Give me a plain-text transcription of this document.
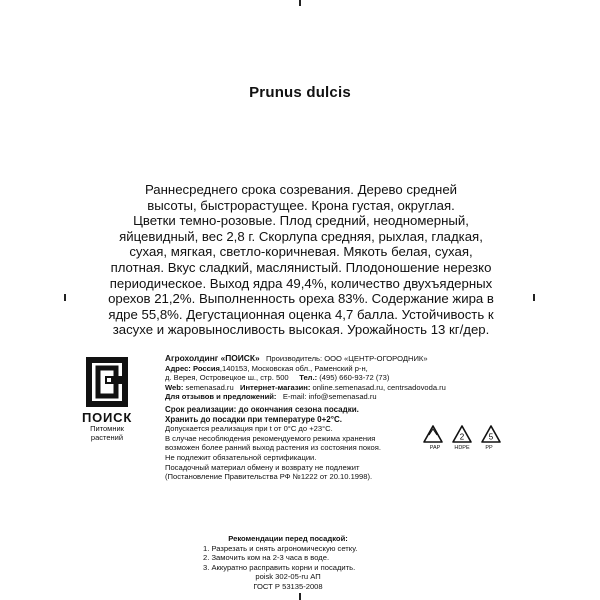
Prunus dulcis
Раннесреднего срока созревания. Дерево средней
высоты, быстрорастущее. Крона густая, округлая.
Цветки темно-розовые. Плод средний, неодномерный,
яйцевидный, вес 2,8 г. Скорлупа средняя, рыхлая, гладкая,
сухая, мягкая, светло-коричневая. Мякоть белая, сухая,
плотная. Вкус сладкий, маслянистый. Плодоношение нерезко
периодическое. Выход ядра 49,4%, количество двухъядерных
орехов 21,2%. Выполненность ореха 83%. Содержание жира в
ядре 55,8%. Дегустационная оценка 4,7 балла. Устойчивость к
засухе и жаровыносливость высокая. Урожайность 13 кг/дер.
ПОИСК
Питомник
растений
Агрохолдинг «ПОИСК» Производитель: ООО «ЦЕНТР-ОГОРОДНИК»
Адрес: Россия,140153, Московская обл., Раменский р-н,
д. Верея, Островецкое ш., стр. 500 Тел.: (495) 660-93-72 (73)
Web: semenasad.ru Интернет-магазин: online.semenasad.ru, centrsadovoda.ru
Для отзывов и предложений: E-mail: info@semenasad.ru
Срок реализации: до окончания сезона посадки.
Хранить до посадки при температуре 0+2°C.
Допускается реализация при t от 0°C до +23°C.
В случае несоблюдения рекомендуемого режима хранения
возможен более ранний выход растения из состояния покоя.
Не подлежит обязательной сертификации.
Посадочный материал обмену и возврату не подлежит
(Постановление Правительства РФ №1222 от 20.10.1998).
2	5
PAP	HDPE	PP
Рекомендации перед посадкой:
1. Разрезать и снять агрономическую сетку.
2. Замочить ком на 2-3 часа в воде.
3. Аккуратно расправить корни и посадить.
poisk 302-05-ru АП
ГОСТ Р 53135-2008
